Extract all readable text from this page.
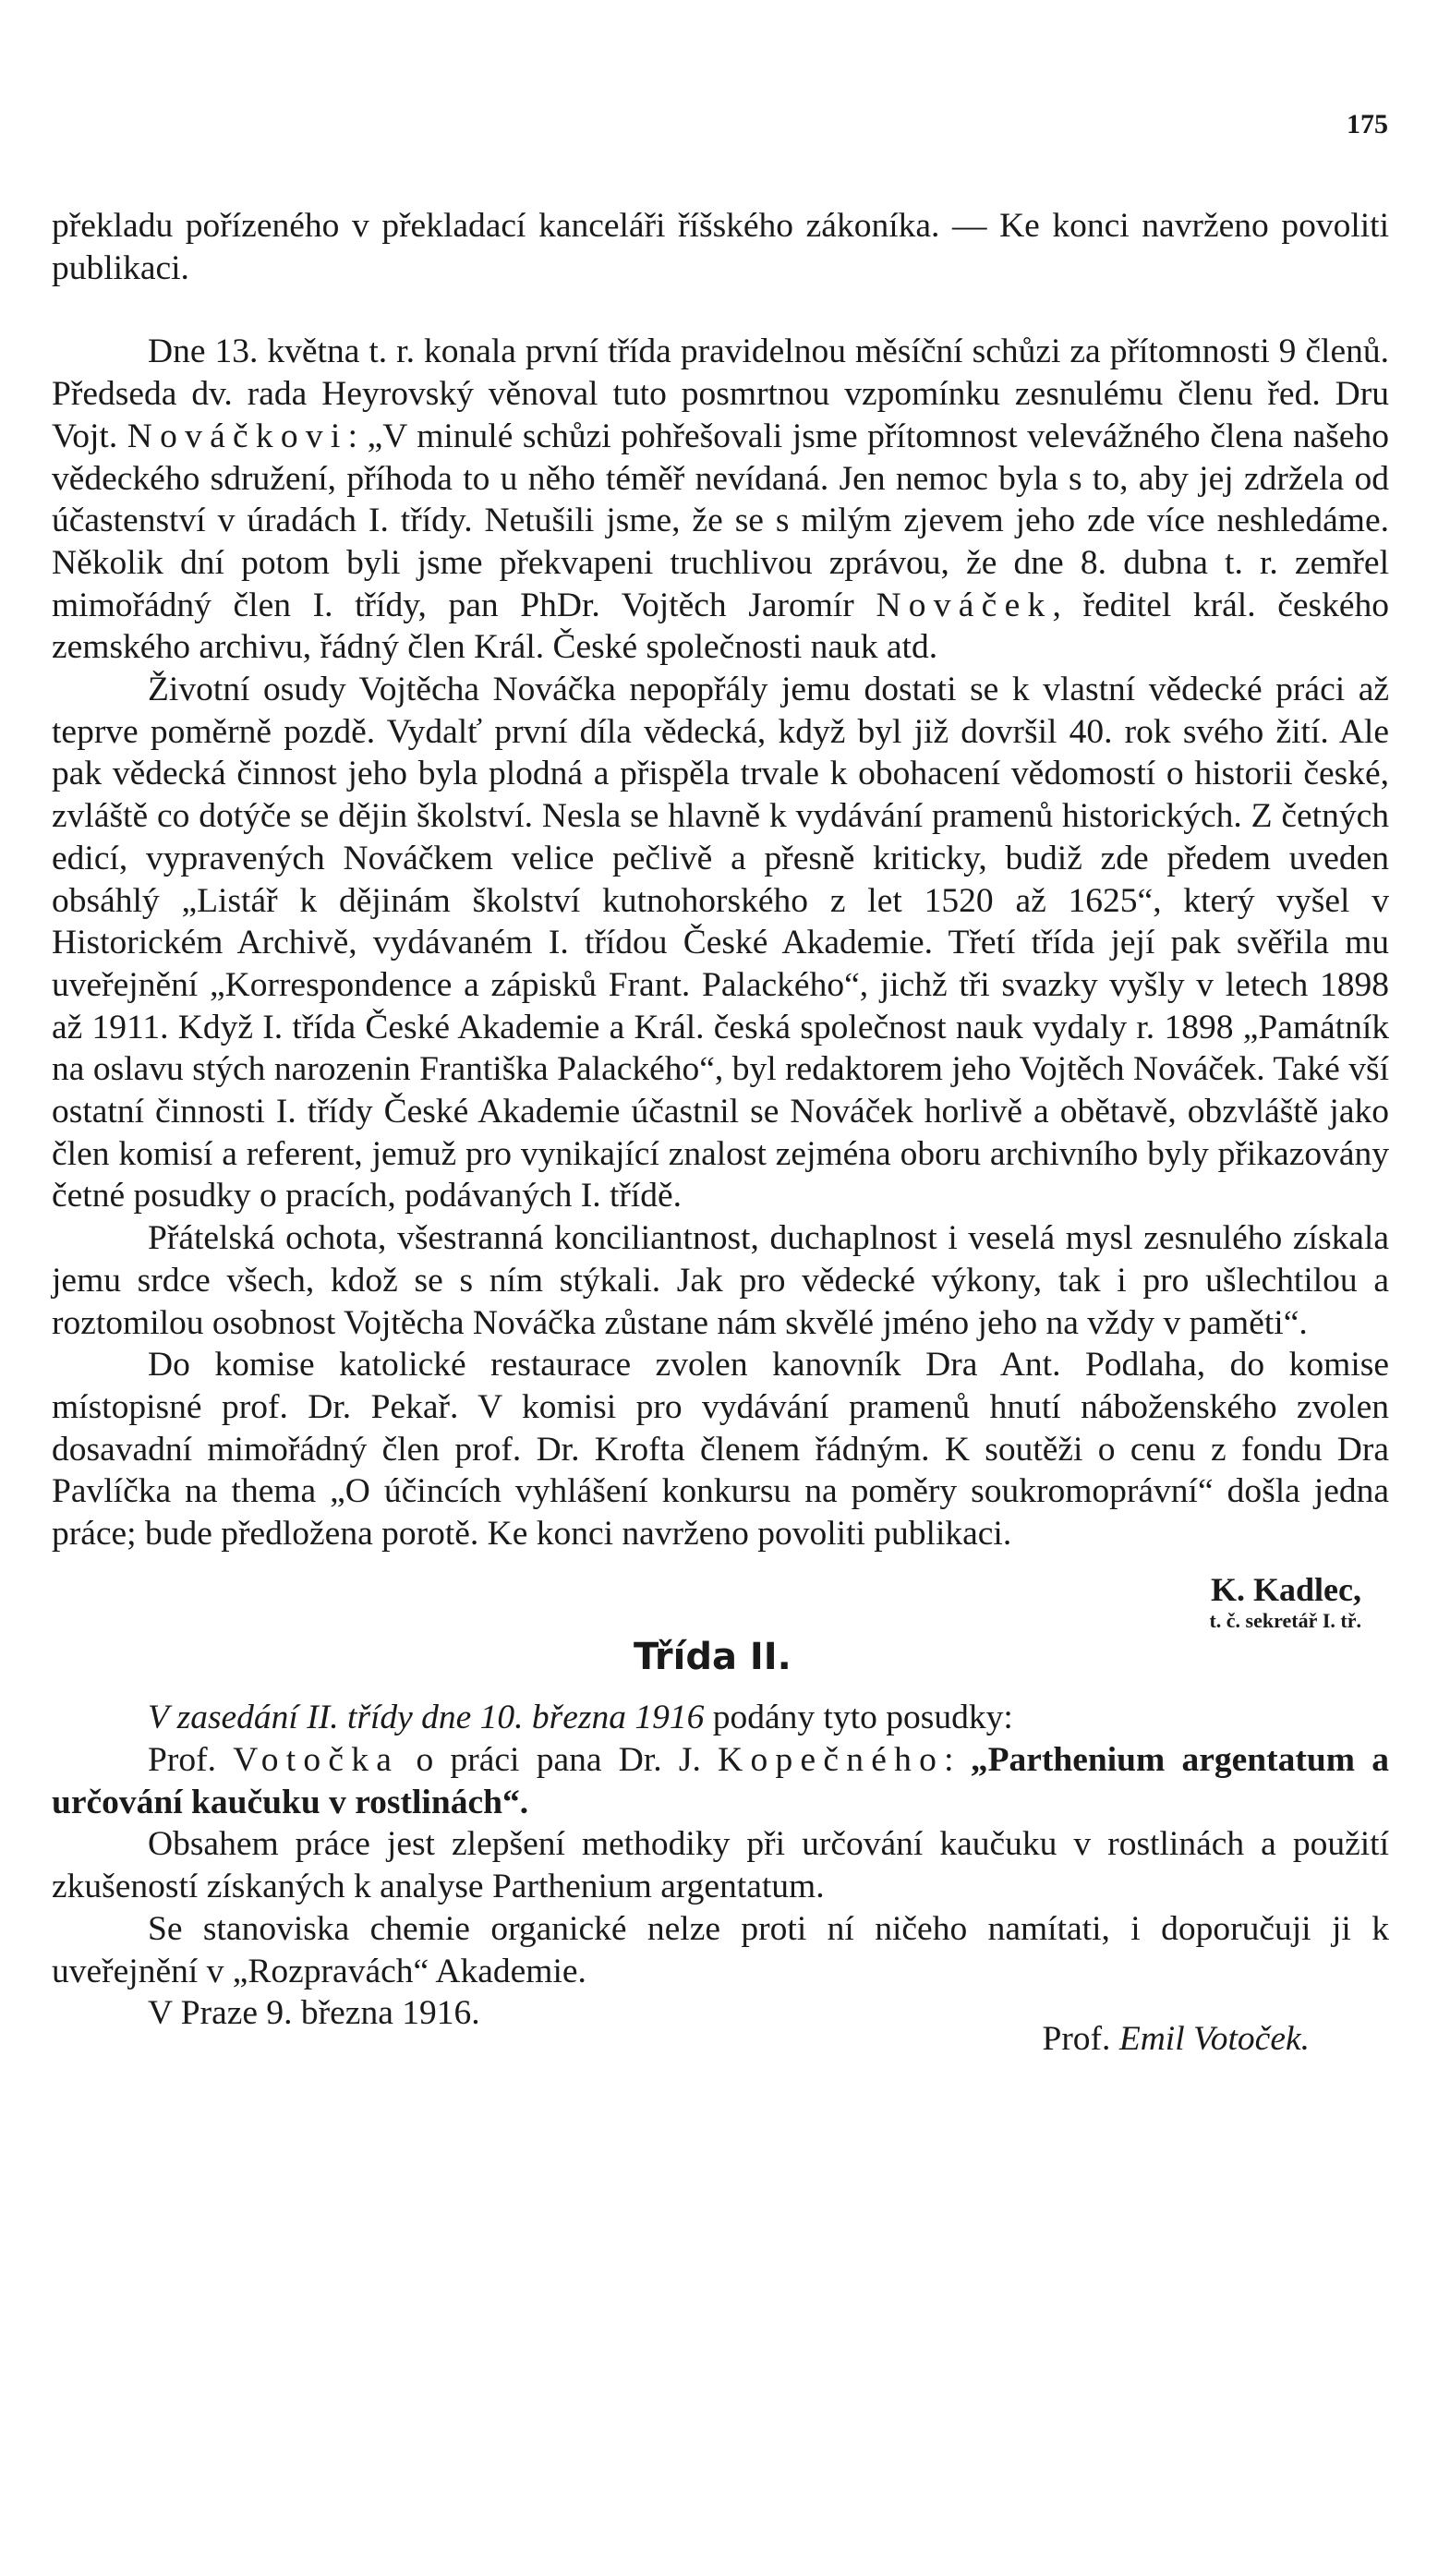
175

překladu pořízeného v překladací kanceláři říšského zákoníka. — Ke konci navrženo povoliti publikaci.

Dne 13. května t. r. konala první třída pravidelnou měsíční schůzi za přítomnosti 9 členů. Předseda dv. rada Heyrovský věnoval tuto posmrtnou vzpomínku zesnulému členu řed. Dru Vojt. Nováčkovi: „V minulé schůzi pohřešovali jsme přítomnost velevážného člena našeho vědeckého sdružení, příhoda to u něho téměř nevídaná. Jen nemoc byla s to, aby jej zdržela od účastenství v úradách I. třídy. Netušili jsme, že se s milým zjevem jeho zde více neshledáme. Několik dní potom byli jsme překvapeni truchlivou zprávou, že dne 8. dubna t. r. zemřel mimořádný člen I. třídy, pan PhDr. Vojtěch Jaromír Nováček, ředitel král. českého zemského archivu, řádný člen Král. České společnosti nauk atd.

Životní osudy Vojtěcha Nováčka nepopřály jemu dostati se k vlastní vědecké práci až teprve poměrně pozdě. Vydalť první díla vědecká, když byl již dovršil 40. rok svého žití. Ale pak vědecká činnost jeho byla plodná a přispěla trvale k obohacení vědomostí o historii české, zvláště co dotýče se dějin školství. Nesla se hlavně k vydávání pramenů historických. Z četných edicí, vypravených Nováčkem velice pečlivě a přesně kriticky, budiž zde předem uveden obsáhlý „Listář k dějinám školství kutnohorského z let 1520 až 1625“, který vyšel v Historickém Archivě, vydávaném I. třídou České Akademie. Třetí třída její pak svěřila mu uveřejnění „Korrespondence a zápisků Frant. Palackého“, jichž tři svazky vyšly v letech 1898 až 1911. Když I. třída České Akademie a Král. česká společnost nauk vydaly r. 1898 „Památník na oslavu stých narozenin Františka Palackého“, byl redaktorem jeho Vojtěch Nováček. Také vší ostatní činnosti I. třídy České Akademie účastnil se Nováček horlivě a obětavě, obzvláště jako člen komisí a referent, jemuž pro vynikající znalost zejména oboru archivního byly přikazovány četné posudky o pracích, podávaných I. třídě.

Přátelská ochota, všestranná konciliantnost, duchaplnost i veselá mysl zesnulého získala jemu srdce všech, kdož se s ním stýkali. Jak pro vědecké výkony, tak i pro ušlechtilou a roztomilou osobnost Vojtěcha Nováčka zůstane nám skvělé jméno jeho na vždy v paměti“.

Do komise katolické restaurace zvolen kanovník Dra Ant. Podlaha, do komise místopisné prof. Dr. Pekař. V komisi pro vydávání pramenů hnutí náboženského zvolen dosavadní mimořádný člen prof. Dr. Krofta členem řádným. K soutěži o cenu z fondu Dra Pavlíčka na thema „O účincích vyhlášení konkursu na poměry soukromoprávní“ došla jedna práce; bude předložena porotě. Ke konci navrženo povoliti publikaci.

K. Kadlec,
t. č. sekretář I. tř.
Třída II.

V zasedání II. třídy dne 10. března 1916 podány tyto posudky:

Prof. Votočka o práci pana Dr. J. Kopečného: „Parthenium argentatum a určování kaučuku v rostlinách“.

Obsahem práce jest zlepšení methodiky při určování kaučuku v rostlinách a použití zkušeností získaných k analyse Parthenium argentatum.

Se stanoviska chemie organické nelze proti ní ničeho namítati, i doporučuji ji k uveřejnění v „Rozpravách“ Akademie.

V Praze 9. března 1916.
Prof. Emil Votoček.
